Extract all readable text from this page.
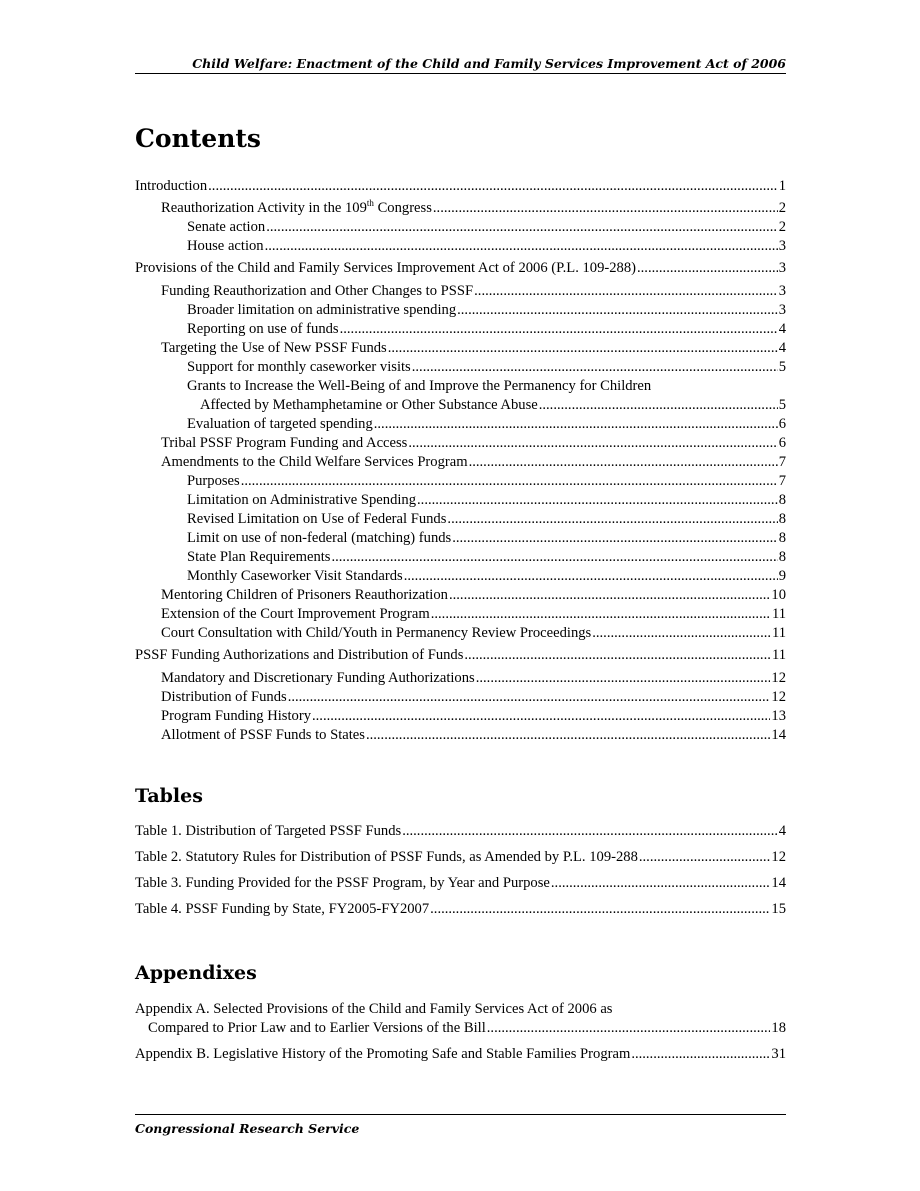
Child Welfare: Enactment of the Child and Family Services Improvement Act of 2006
Contents
Introduction .....	1
Reauthorization Activity in the 109th Congress .....	2
Senate action .....	2
House action .....	3
Provisions of the Child and Family Services Improvement Act of 2006 (P.L. 109-288) .....	3
Funding Reauthorization and Other Changes to PSSF .....	3
Broader limitation on administrative spending .....	3
Reporting on use of funds .....	4
Targeting the Use of New PSSF Funds .....	4
Support for monthly caseworker visits .....	5
Grants to Increase the Well-Being of and Improve the Permanency for Children
Affected by Methamphetamine or Other Substance Abuse .....	5
Evaluation of targeted spending .....	6
Tribal PSSF Program Funding and Access .....	6
Amendments to the Child Welfare Services Program .....	7
Purposes .....	7
Limitation on Administrative Spending .....	8
Revised Limitation on Use of Federal Funds .....	8
Limit on use of non-federal (matching) funds .....	8
State Plan Requirements .....	8
Monthly Caseworker Visit Standards .....	9
Mentoring Children of Prisoners Reauthorization .....	10
Extension of the Court Improvement Program .....	11
Court Consultation with Child/Youth in Permanency Review Proceedings .....	11
PSSF Funding Authorizations and Distribution of Funds .....	11
Mandatory and Discretionary Funding Authorizations .....	12
Distribution of Funds .....	12
Program Funding History .....	13
Allotment of PSSF Funds to States .....	14
Table 1. Distribution of Targeted PSSF Funds .....	4
Table 2. Statutory Rules for Distribution of PSSF Funds, as Amended by P.L. 109-288 .....	12
Table 3. Funding Provided for the PSSF Program, by Year and Purpose .....	14
Table 4. PSSF Funding by State, FY2005-FY2007 .....	15
Appendix A. Selected Provisions of the Child and Family Services Act of 2006 as
Compared to Prior Law and to Earlier Versions of the Bill .....	18
Appendix B. Legislative History of the Promoting Safe and Stable Families Program .....	31
Tables
Appendixes
Congressional Research Service
